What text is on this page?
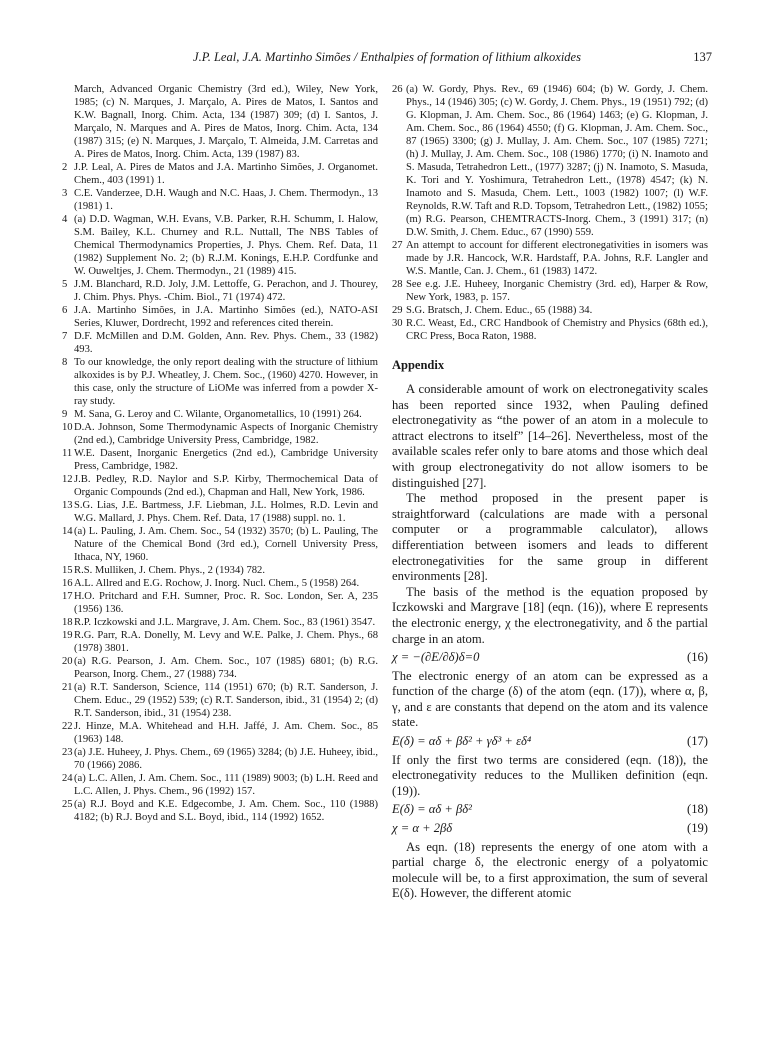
J.P. Leal, J.A. Martinho Simões / Enthalpies of formation of lithium alkoxides	137

March, Advanced Organic Chemistry (3rd ed.), Wiley, New York, 1985; (c) N. Marques, J. Marçalo, A. Pires de Matos, I. Santos and K.W. Bagnall, Inorg. Chim. Acta, 134 (1987) 309; (d) I. Santos, J. Marçalo, N. Marques and A. Pires de Matos, Inorg. Chim. Acta, 134 (1987) 315; (e) N. Marques, J. Marçalo, T. Almeida, J.M. Carretas and A. Pires de Matos, Inorg. Chim. Acta, 139 (1987) 83.

2 J.P. Leal, A. Pires de Matos and J.A. Martinho Simões, J. Organomet. Chem., 403 (1991) 1.

3 C.E. Vanderzee, D.H. Waugh and N.C. Haas, J. Chem. Thermodyn., 13 (1981) 1.

4 (a) D.D. Wagman, W.H. Evans, V.B. Parker, R.H. Schumm, I. Halow, S.M. Bailey, K.L. Churney and R.L. Nuttall, The NBS Tables of Chemical Thermodynamics Properties, J. Phys. Chem. Ref. Data, 11 (1982) Supplement No. 2; (b) R.J.M. Konings, E.H.P. Cordfunke and W. Ouweltjes, J. Chem. Thermodyn., 21 (1989) 415.

5 J.M. Blanchard, R.D. Joly, J.M. Lettoffe, G. Perachon, and J. Thourey, J. Chim. Phys. Phys. -Chim. Biol., 71 (1974) 472.

6 J.A. Martinho Simões, in J.A. Martinho Simões (ed.), NATO-ASI Series, Kluwer, Dordrecht, 1992 and references cited therein.

7 D.F. McMillen and D.M. Golden, Ann. Rev. Phys. Chem., 33 (1982) 493.

8 To our knowledge, the only report dealing with the structure of lithium alkoxides is by P.J. Wheatley, J. Chem. Soc., (1960) 4270. However, in this case, only the structure of LiOMe was inferred from a powder X-ray study.

9 M. Sana, G. Leroy and C. Wilante, Organometallics, 10 (1991) 264.

10 D.A. Johnson, Some Thermodynamic Aspects of Inorganic Chemistry (2nd ed.), Cambridge University Press, Cambridge, 1982.

11 W.E. Dasent, Inorganic Energetics (2nd ed.), Cambridge University Press, Cambridge, 1982.

12 J.B. Pedley, R.D. Naylor and S.P. Kirby, Thermochemical Data of Organic Compounds (2nd ed.), Chapman and Hall, New York, 1986.

13 S.G. Lias, J.E. Bartmess, J.F. Liebman, J.L. Holmes, R.D. Levin and W.G. Mallard, J. Phys. Chem. Ref. Data, 17 (1988) suppl. no. 1.

14 (a) L. Pauling, J. Am. Chem. Soc., 54 (1932) 3570; (b) L. Pauling, The Nature of the Chemical Bond (3rd ed.), Cornell University Press, Ithaca, NY, 1960.

15 R.S. Mulliken, J. Chem. Phys., 2 (1934) 782.

16 A.L. Allred and E.G. Rochow, J. Inorg. Nucl. Chem., 5 (1958) 264.

17 H.O. Pritchard and F.H. Sumner, Proc. R. Soc. London, Ser. A, 235 (1956) 136.

18 R.P. Iczkowski and J.L. Margrave, J. Am. Chem. Soc., 83 (1961) 3547.

19 R.G. Parr, R.A. Donelly, M. Levy and W.E. Palke, J. Chem. Phys., 68 (1978) 3801.

20 (a) R.G. Pearson, J. Am. Chem. Soc., 107 (1985) 6801; (b) R.G. Pearson, Inorg. Chem., 27 (1988) 734.

21 (a) R.T. Sanderson, Science, 114 (1951) 670; (b) R.T. Sanderson, J. Chem. Educ., 29 (1952) 539; (c) R.T. Sanderson, ibid., 31 (1954) 2; (d) R.T. Sanderson, ibid., 31 (1954) 238.

22 J. Hinze, M.A. Whitehead and H.H. Jaffé, J. Am. Chem. Soc., 85 (1963) 148.

23 (a) J.E. Huheey, J. Phys. Chem., 69 (1965) 3284; (b) J.E. Huheey, ibid., 70 (1966) 2086.

24 (a) L.C. Allen, J. Am. Chem. Soc., 111 (1989) 9003; (b) L.H. Reed and L.C. Allen, J. Phys. Chem., 96 (1992) 157.

25 (a) R.J. Boyd and K.E. Edgecombe, J. Am. Chem. Soc., 110 (1988) 4182; (b) R.J. Boyd and S.L. Boyd, ibid., 114 (1992) 1652.

26 (a) W. Gordy, Phys. Rev., 69 (1946) 604; (b) W. Gordy, J. Chem. Phys., 14 (1946) 305; (c) W. Gordy, J. Chem. Phys., 19 (1951) 792; (d) G. Klopman, J. Am. Chem. Soc., 86 (1964) 1463; (e) G. Klopman, J. Am. Chem. Soc., 86 (1964) 4550; (f) G. Klopman, J. Am. Chem. Soc., 87 (1965) 3300; (g) J. Mullay, J. Am. Chem. Soc., 107 (1985) 7271; (h) J. Mullay, J. Am. Chem. Soc., 108 (1986) 1770; (i) N. Inamoto and S. Masuda, Tetrahedron Lett., (1977) 3287; (j) N. Inamoto, S. Masuda, K. Tori and Y. Yoshimura, Tetrahedron Lett., (1978) 4547; (k) N. Inamoto and S. Masuda, Chem. Lett., 1003 (1982) 1007; (l) W.F. Reynolds, R.W. Taft and R.D. Topsom, Tetrahedron Lett., (1982) 1055; (m) R.G. Pearson, CHEMTRACTS-Inorg. Chem., 3 (1991) 317; (n) D.W. Smith, J. Chem. Educ., 67 (1990) 559.

27 An attempt to account for different electronegativities in isomers was made by J.R. Hancock, W.R. Hardstaff, P.A. Johns, R.F. Langler and W.S. Mantle, Can. J. Chem., 61 (1983) 1472.

28 See e.g. J.E. Huheey, Inorganic Chemistry (3rd. ed), Harper & Row, New York, 1983, p. 157.

29 S.G. Bratsch, J. Chem. Educ., 65 (1988) 34.

30 R.C. Weast, Ed., CRC Handbook of Chemistry and Physics (68th ed.), CRC Press, Boca Raton, 1988.

Appendix

A considerable amount of work on electronegativity scales has been reported since 1932, when Pauling defined electronegativity as “the power of an atom in a molecule to attract electrons to itself” [14–26]. Nevertheless, most of the available scales refer only to bare atoms and those which deal with group electronegativity do not allow isomers to be distinguished [27].

The method proposed in the present paper is straightforward (calculations are made with a personal computer or a programmable calculator), allows differentiation between isomers and leads to different electronegativities for the same group in different environments [28].

The basis of the method is the equation proposed by Iczkowski and Margrave [18] (eqn. (16)), where E represents the electronic energy, χ the electronegativity, and δ the partial charge in an atom.

χ = −(∂E/∂δ)δ=0	(16)

The electronic energy of an atom can be expressed as a function of the charge (δ) of the atom (eqn. (17)), where α, β, γ, and ε are constants that depend on the atom and its valence state.

E(δ) = αδ + βδ² + γδ³ + εδ⁴	(17)

If only the first two terms are considered (eqn. (18)), the electronegativity reduces to the Mulliken definition (eqn. (19)).

E(δ) = αδ + βδ²	(18)
χ = α + 2βδ	(19)

As eqn. (18) represents the energy of one atom with a partial charge δ, the electronic energy of a polyatomic molecule will be, to a first approximation, the sum of several E(δ). However, the different atomic
